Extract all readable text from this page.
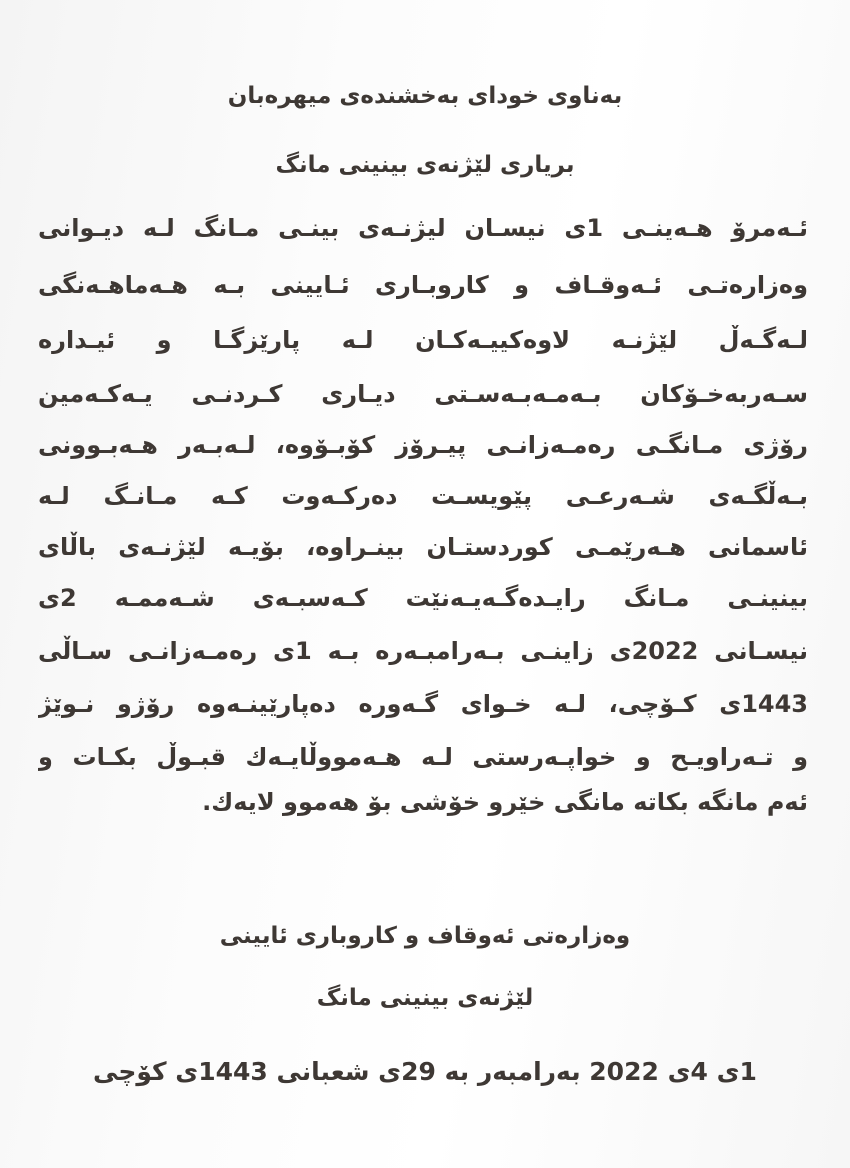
بەناوی خودای بەخشندەی میهرەبان
بریاری لێژنەی بینینی مانگ
ئـەمرۆ هـەینـی 1ی نیسـان لیژنـەی بینـی مـانگ لـە دیـوانی
وەزارەتـی ئـەوقـاف و کاروبـاری ئـایینی بـە هـەماهـەنگی
لـەگـەڵ لێژنـە لاوەکییـەکـان لـە پارێزگـا و ئیـدارە
سـەربەخـۆکان بـەمـەبـەسـتی دیـاری کـردنـی یـەکـەمین
رۆژی مـانگـی رەمـەزانـی پیـرۆز کۆبـۆوە، لـەبـەر هـەبـوونی
بـەڵگـەی شـەرعـی پێویسـت دەرکـەوت کـە مـانـگ لـە
ئاسمانی هـەرێمـی کوردستـان بینـراوە، بۆیـە لێژنـەی باڵای
بینینـی مـانگ رایـدەگـەیـەنێت کـەسبـەی شـەممـە 2ی
نیسـانی 2022ی زاینـی بـەرامبـەرە بـە 1ی رەمـەزانـی سـاڵی
1443ی کـۆچی، لـە خـوای گـەورە دەپارێینـەوە رۆژو نـوێژ
و تـەراویـح و خواپـەرستی لـە هـەمووڵایـەك قبـوڵ بکـات و
ئەم مانگە بکاتە مانگی خێرو خۆشی بۆ هەموو لایەك.
وەزارەتی ئەوقاف و کاروباری ئایینی
لێژنەی بینینی مانگ
1ی 4ی 2022 بەرامبەر بە 29ی شعبانی 1443ی کۆچی
